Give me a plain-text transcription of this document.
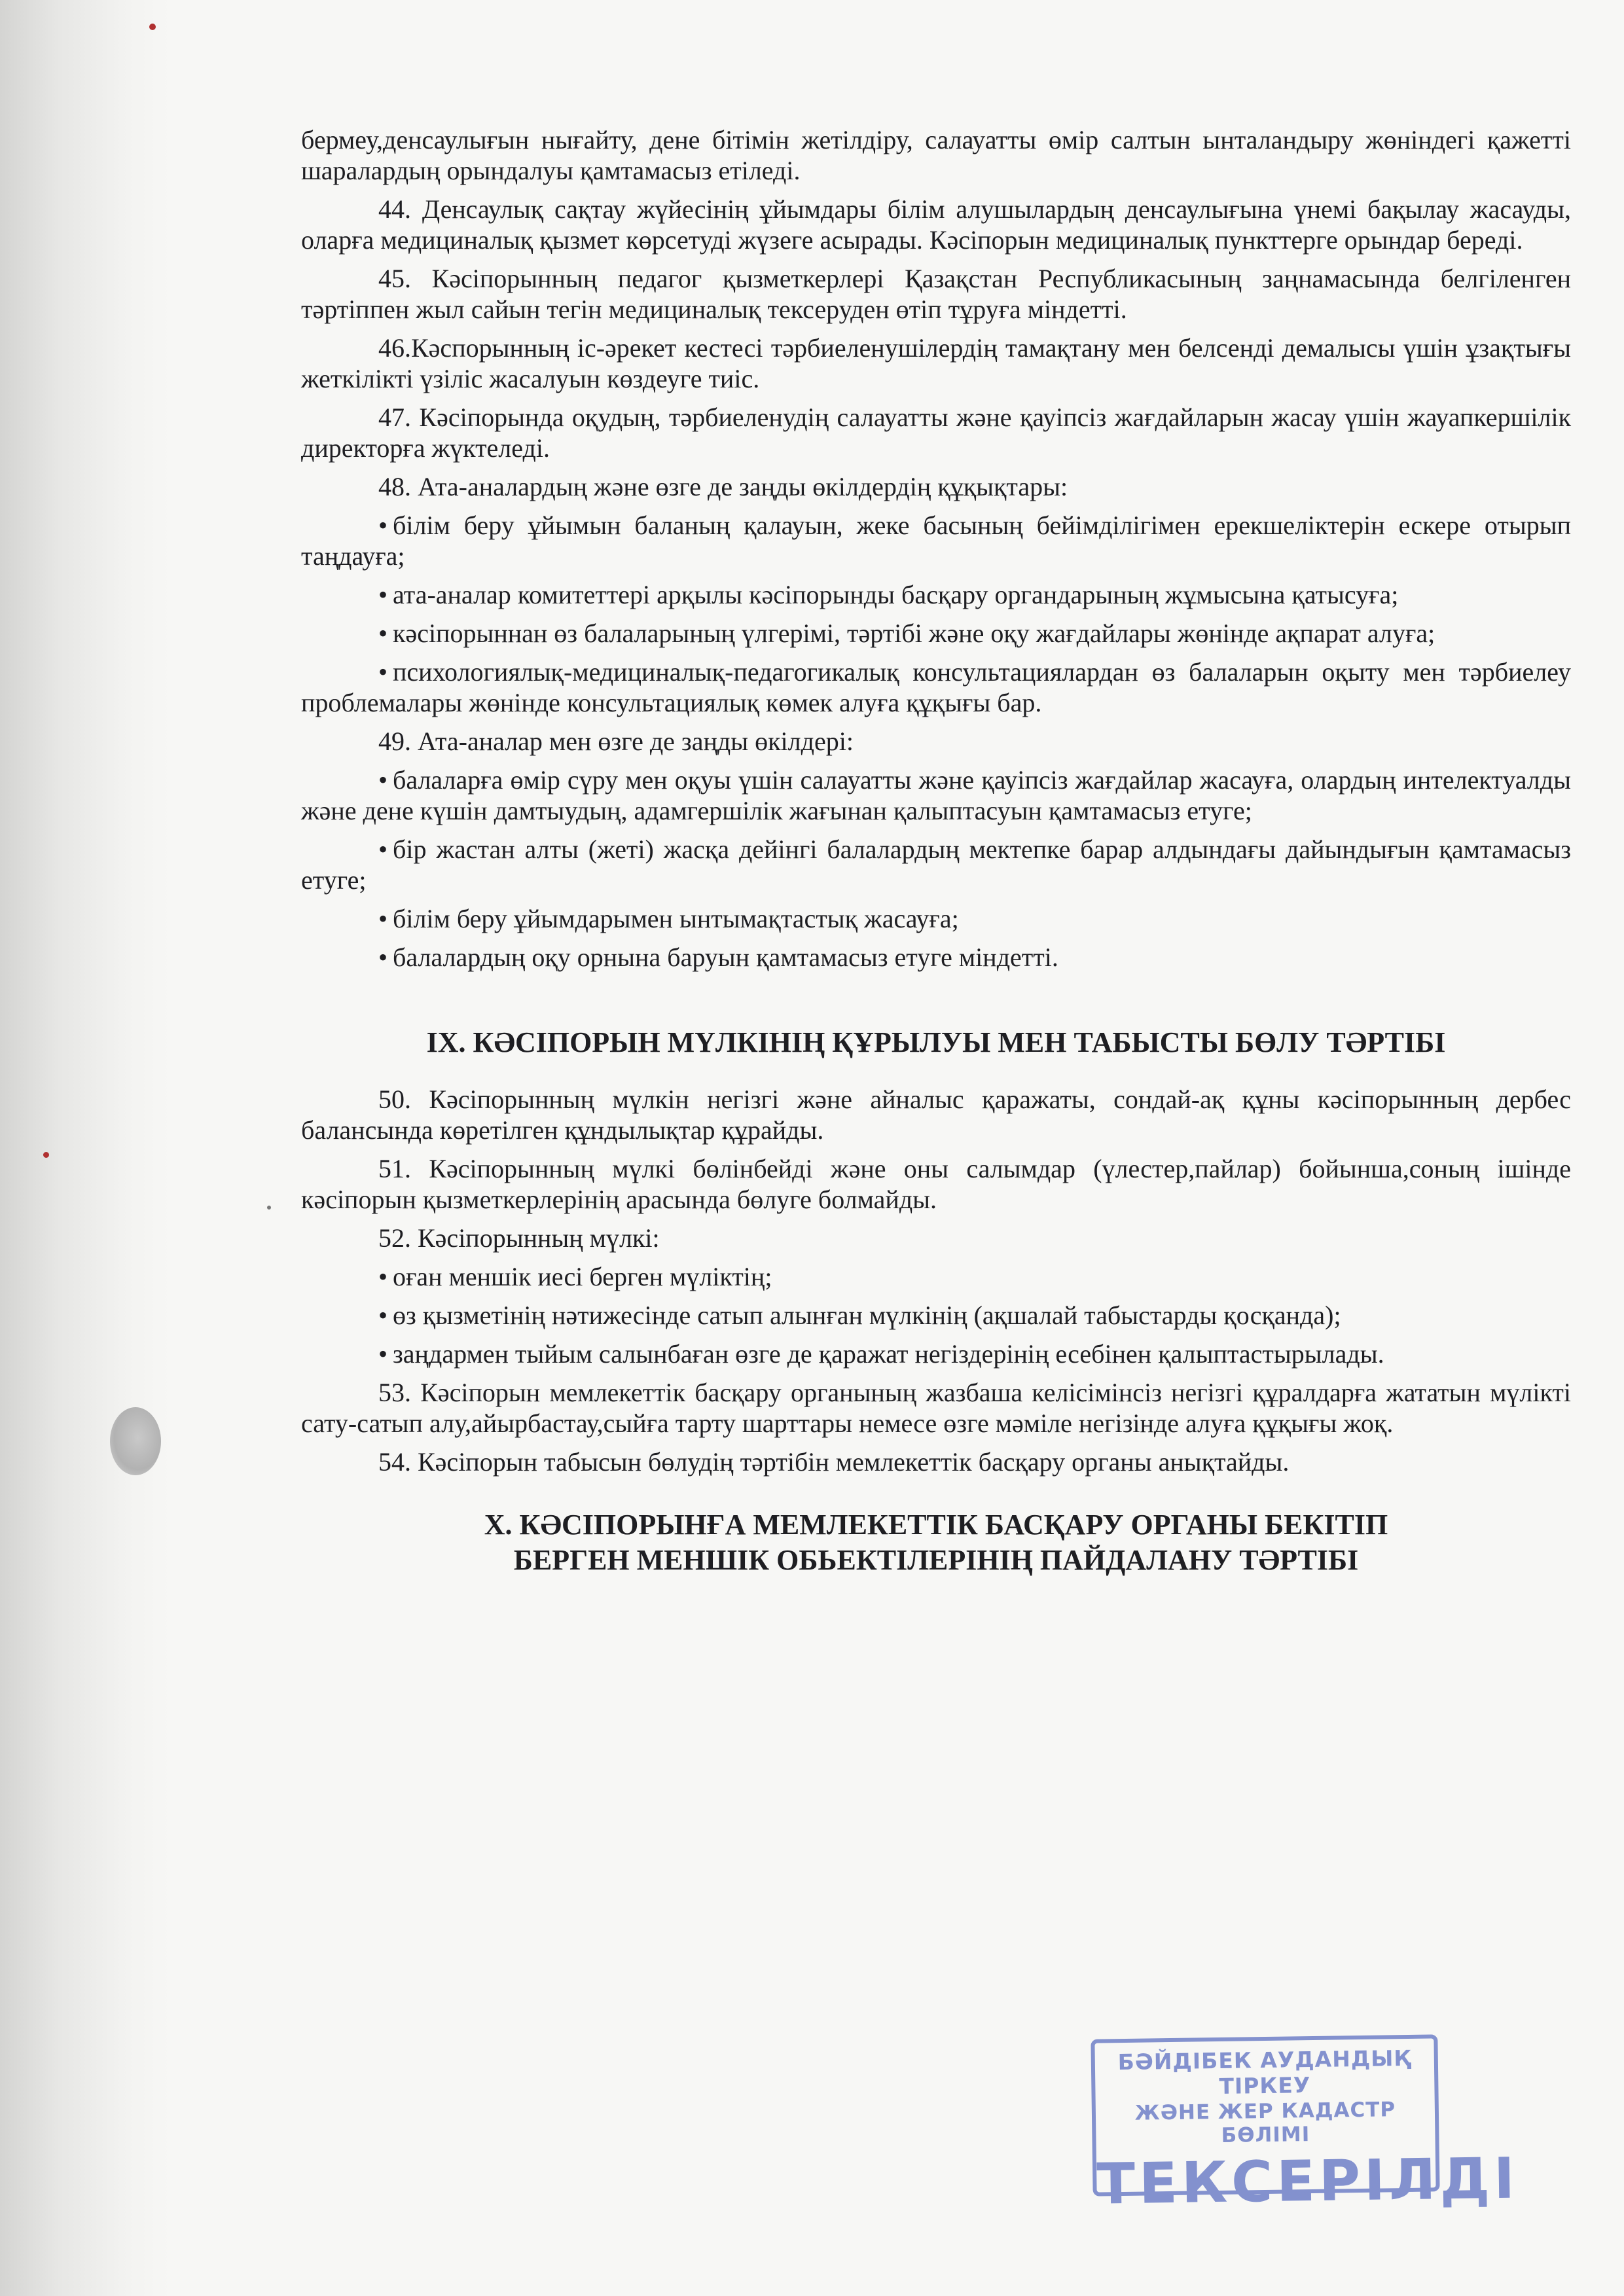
бермеу,денсаулығын нығайту, дене бітімін жетілдіру, салауатты өмір салтын ынталандыру жөніндегі қажетті шаралардың орындалуы қамтамасыз етіледі.

44. Денсаулық сақтау жүйесінің ұйымдары білім алушылардың денсаулығына үнемі бақылау жасауды, оларға медициналық қызмет көрсетуді жүзеге асырады. Кәсіпорын медициналық пункттерге орындар береді.

45. Кәсіпорынның педагог қызметкерлері Қазақстан Республикасының заңнамасында белгіленген тәртіппен жыл сайын тегін медициналық тексеруден өтіп тұруға міндетті.

46.Кәспорынның іс-әрекет кестесі тәрбиеленушілердің тамақтану мен белсенді демалысы үшін ұзақтығы жеткілікті үзіліс жасалуын көздеуге тиіс.

47. Кәсіпорында оқудың, тәрбиеленудің салауатты және қауіпсіз жағдайларын жасау үшін жауапкершілік директорға жүктеледі.

48. Ата-аналардың және өзге де заңды өкілдердің құқықтары:

• білім беру ұйымын баланың қалауын, жеке басының бейімділігімен ерекшеліктерін ескере отырып таңдауға;

• ата-аналар комитеттері арқылы кәсіпорынды басқару органдарының жұмысына қатысуға;

• кәсіпорыннан өз балаларының үлгерімі, тәртібі және оқу жағдайлары жөнінде ақпарат алуға;

• психологиялық-медициналық-педагогикалық консультациялардан өз балаларын оқыту мен тәрбиелеу проблемалары жөнінде консультациялық көмек алуға құқығы бар.

49. Ата-аналар мен өзге де заңды өкілдері:

• балаларға өмір сүру мен оқуы үшін салауатты және қауіпсіз жағдайлар жасауға, олардың интелектуалды және дене күшін дамтыудың, адамгершілік жағынан қалыптасуын қамтамасыз етуге;

• бір жастан алты (жеті) жасқа дейінгі балалардың мектепке барар алдындағы дайындығын қамтамасыз етуге;

• білім беру ұйымдарымен ынтымақтастық жасауға;

• балалардың оқу орнына баруын қамтамасыз етуге міндетті.

IX. КӘСІПОРЫН МҮЛКІНІҢ ҚҰРЫЛУЫ МЕН ТАБЫСТЫ БӨЛУ ТӘРТІБІ

50. Кәсіпорынның мүлкін негізгі және айналыс қаражаты, сондай-ақ құны кәсіпорынның дербес балансында көретілген құндылықтар құрайды.

51. Кәсіпорынның мүлкі бөлінбейді және оны салымдар (үлестер,пайлар) бойынша,соның ішінде кәсіпорын қызметкерлерінің арасында бөлуге болмайды.

52. Кәсіпорынның мүлкі:

• оған меншік иесі берген мүліктің;

• өз қызметінің нәтижесінде сатып алынған мүлкінің (ақшалай табыстарды қосқанда);

• заңдармен тыйым салынбаған өзге де қаражат негіздерінің есебінен қалыптастырылады.

53. Кәсіпорын мемлекеттік басқару органының жазбаша келісімінсіз негізгі құралдарға жататын мүлікті сату-сатып алу,айырбастау,сыйға тарту шарттары немесе өзге мәміле негізінде алуға құқығы жоқ.

54. Кәсіпорын табысын бөлудің тәртібін мемлекеттік басқару органы анықтайды.

X. КӘСІПОРЫНҒА МЕМЛЕКЕТТІК БАСҚАРУ ОРГАНЫ БЕКІТІП

БЕРГЕН МЕНШІК ОБЬЕКТІЛЕРІНІҢ ПАЙДАЛАНУ ТӘРТІБІ

БӘЙДІБЕК АУДАНДЫҚ ТІРКЕУ
ЖӘНЕ ЖЕР КАДАСТР БӨЛІМІ
ТЕКСЕРІЛДІ
